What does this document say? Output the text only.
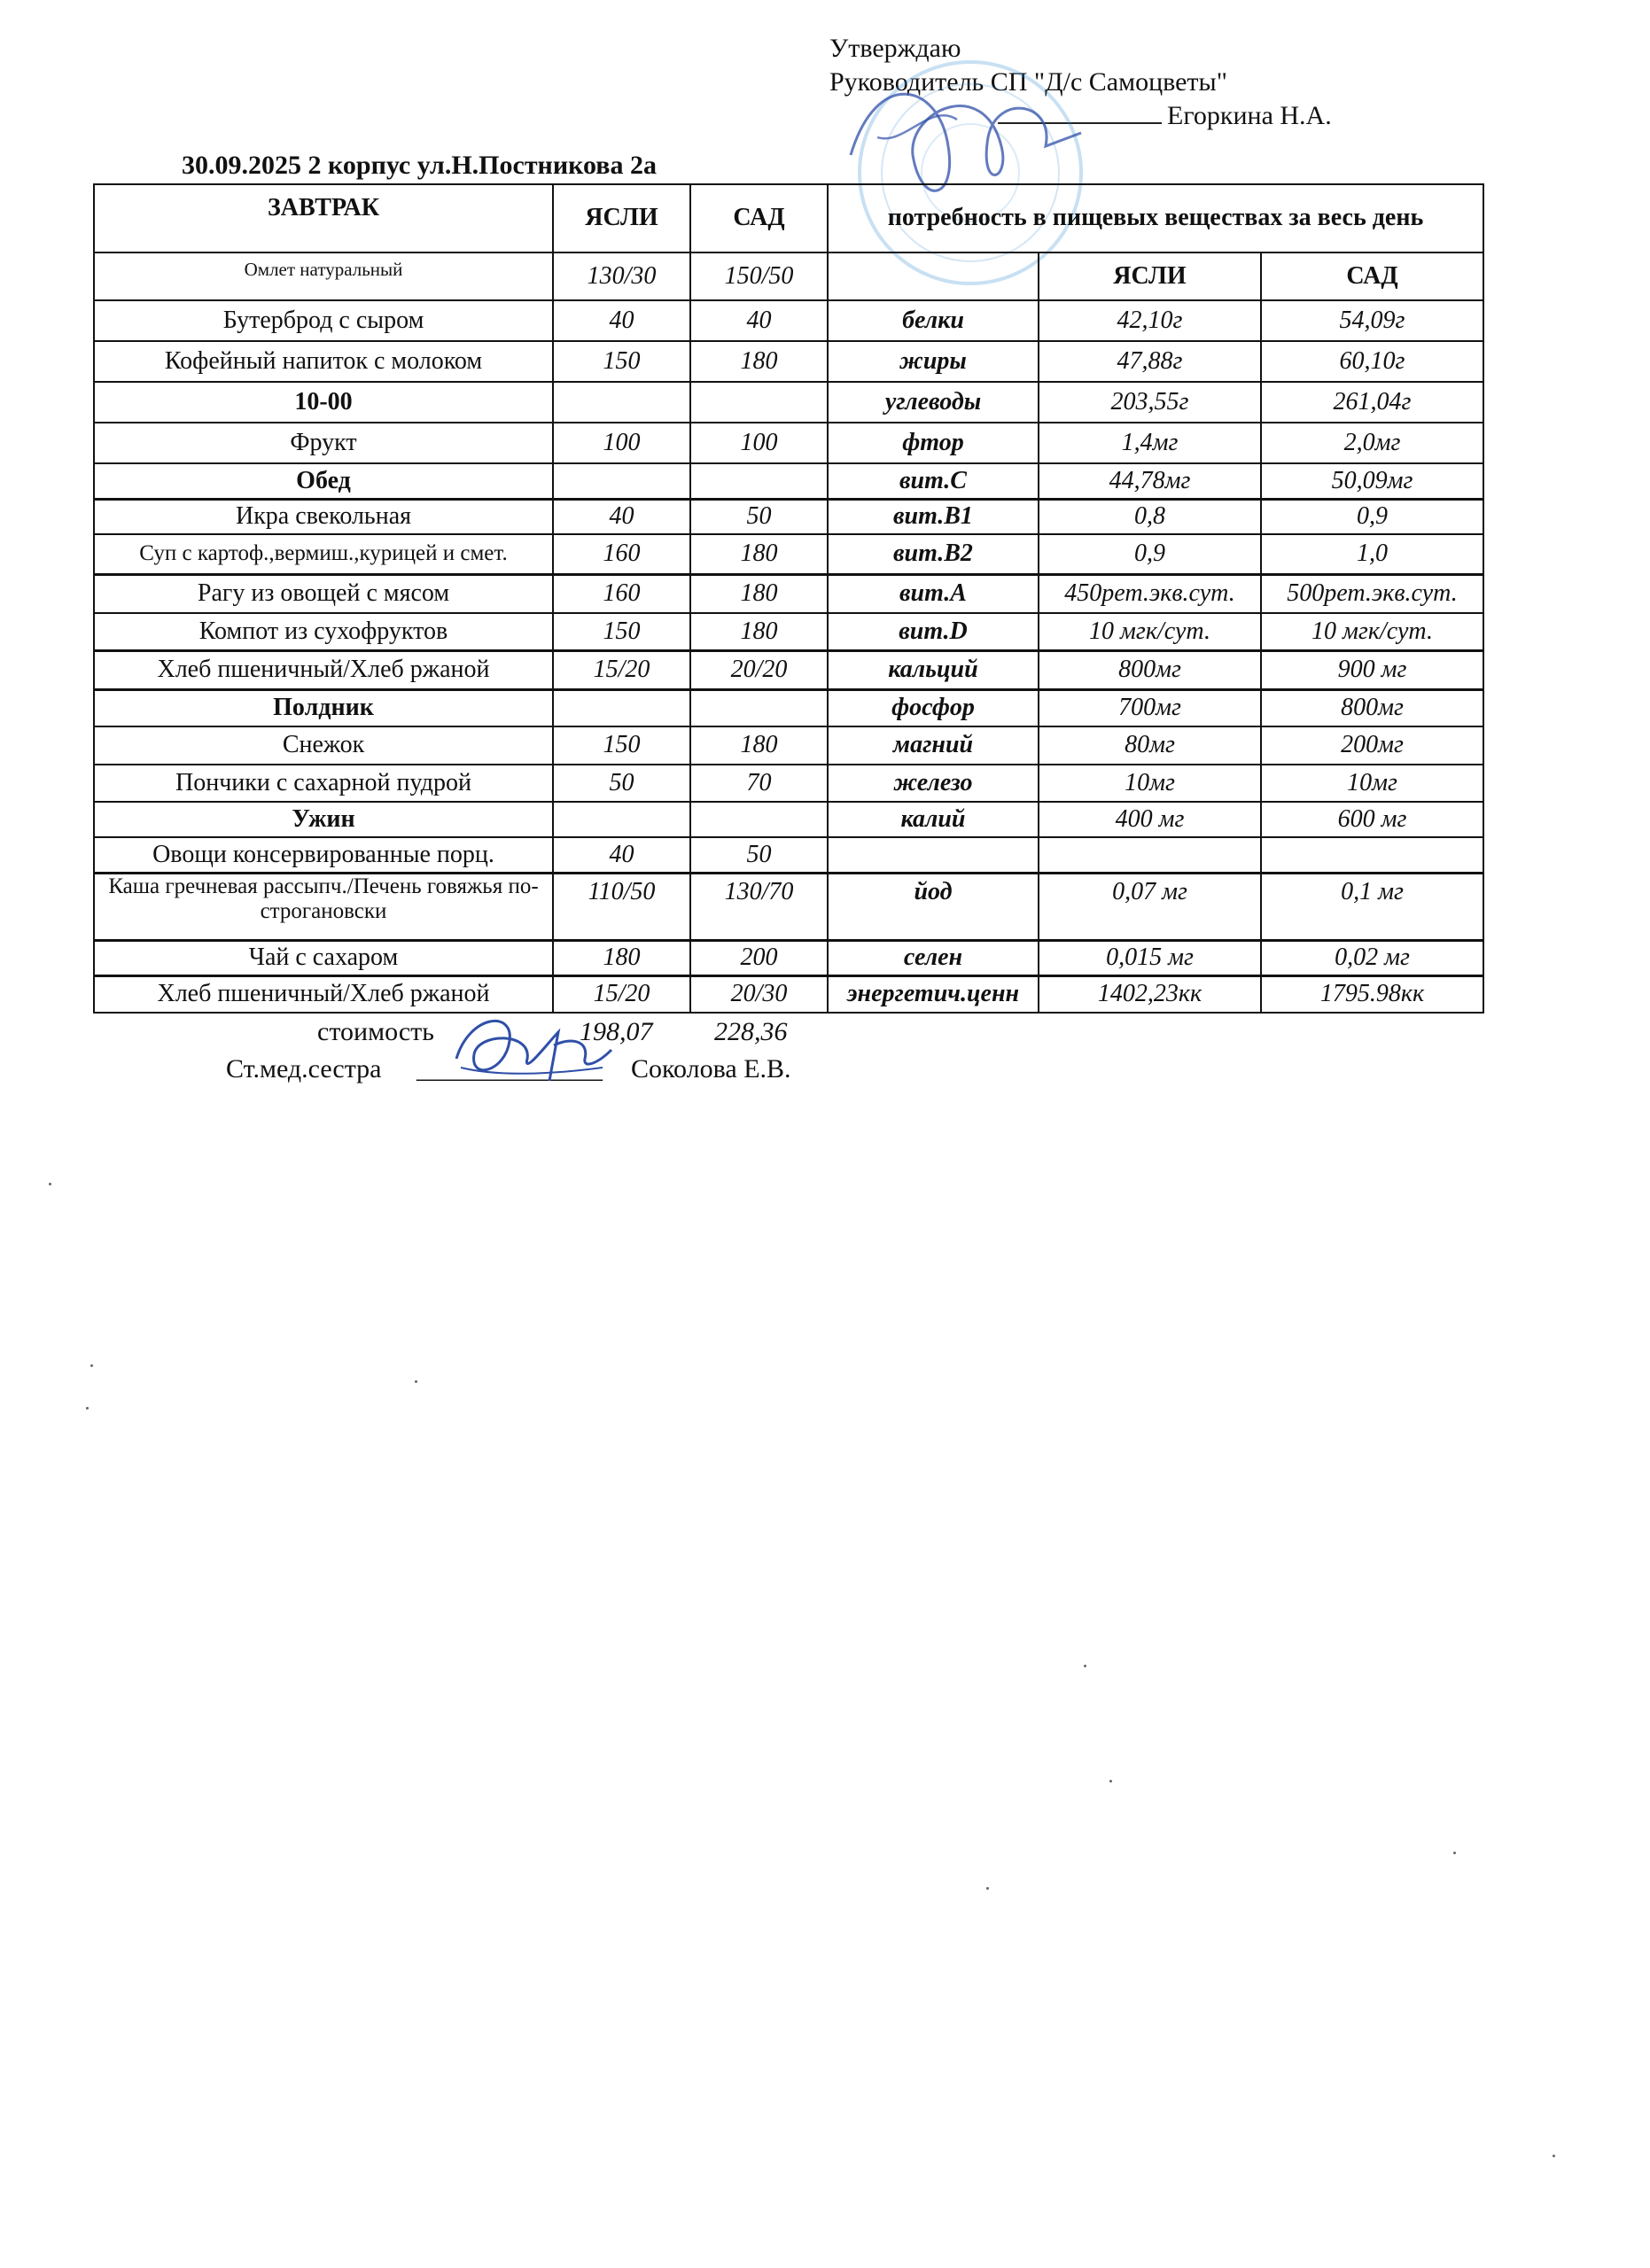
Утверждаю
Руководитель СП "Д/с Самоцветы"
Егоркина Н.А.
30.09.2025 2 корпус ул.Н.Постникова 2а
ЗАВТРАК	ЯСЛИ	САД	потребность в пищевых веществах за весь день		
Омлет натуральный	130/30	150/50		ЯСЛИ	САД
Бутерброд с сыром	40	40	белки	42,10г	54,09г
Кофейный напиток с молоком	150	180	жиры	47,88г	60,10г
10-00			углеводы	203,55г	261,04г
Фрукт	100	100	фтор	1,4мг	2,0мг
Обед			вит.С	44,78мг	50,09мг
Икра свекольная	40	50	вит.В1	0,8	0,9
Суп с картоф.,вермиш.,курицей и смет.	160	180	вит.В2	0,9	1,0
Рагу из овощей с мясом	160	180	вит.А	450рет.экв.сут.	500рет.экв.сут.
Компот из сухофруктов	150	180	вит.D	10 мгк/сут.	10 мгк/сут.
Хлеб пшеничный/Хлеб ржаной	15/20	20/20	кальций	800мг	900 мг
Полдник			фосфор	700мг	800мг
Снежок	150	180	магний	80мг	200мг
Пончики с сахарной пудрой	50	70	железо	10мг	10мг
Ужин			калий	400 мг	600 мг
Овощи консервированные порц.	40	50			
Каша гречневая рассыпч./Печень говяжья по-строгановски	110/50	130/70	йод	0,07 мг	0,1 мг
Чай с сахаром	180	200	селен	0,015 мг	0,02 мг
Хлеб пшеничный/Хлеб ржаной	15/20	20/30	энергетич.ценн	1402,23кк	1795.98кк
стоимость	198,07 228,36
Ст.мед.сестра ______________ Соколова Е.В.
